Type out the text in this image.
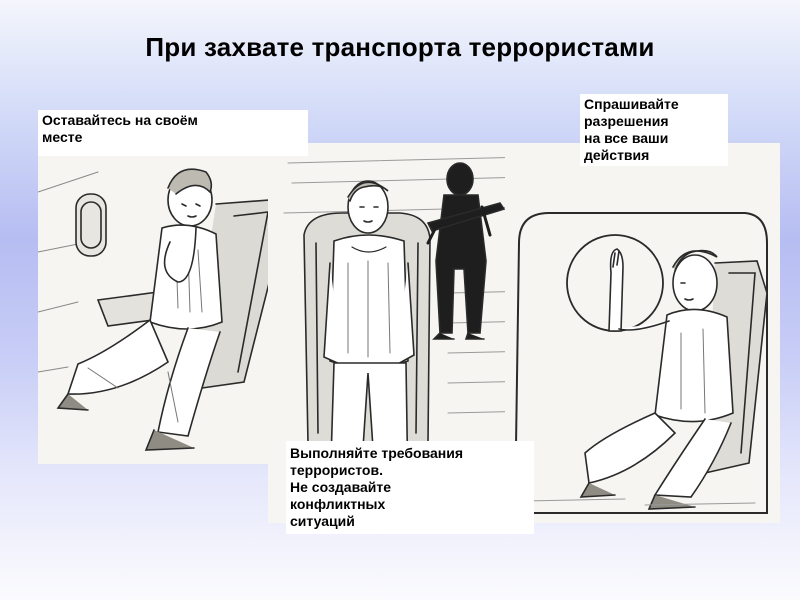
При захвате транспорта террористами
Оставайтесь на своём
месте
Спрашивайте
разрешения
на все ваши
действия
Выполняйте требования
террористов.
Не создавайте
конфликтных
ситуаций
